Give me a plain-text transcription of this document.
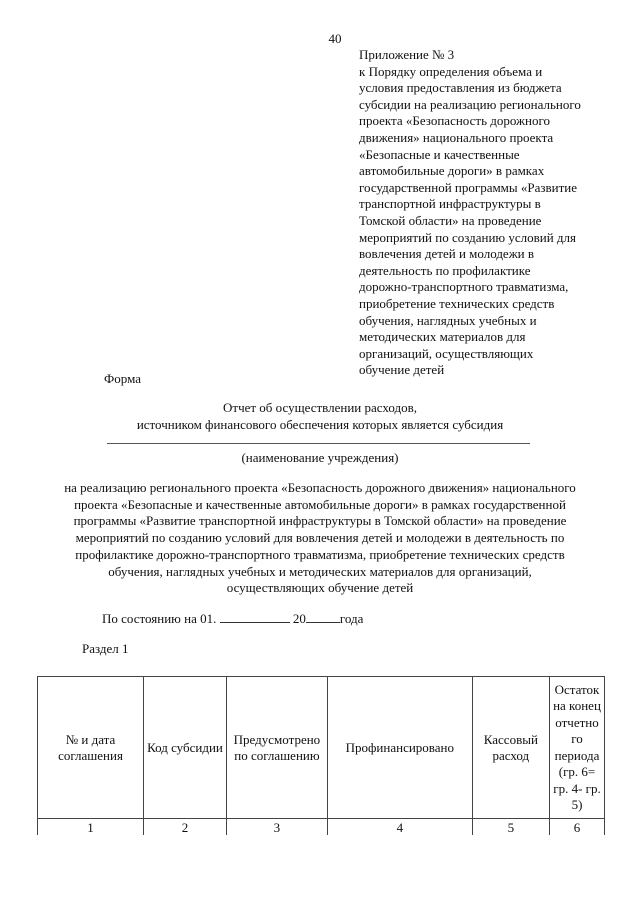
40
Приложение № 3
к Порядку определения объема и
условия предоставления из бюджета
субсидии на реализацию регионального
проекта «Безопасность дорожного
движения» национального проекта
«Безопасные и качественные
автомобильные дороги» в рамках
государственной программы «Развитие
транспортной инфраструктуры в
Томской области» на проведение
мероприятий по созданию условий для
вовлечения детей и молодежи в
деятельность по профилактике
дорожно-транспортного травматизма,
приобретение технических средств
обучения, наглядных учебных и
методических материалов для
организаций, осуществляющих
обучение детей
Форма
Отчет об осуществлении расходов,
источником финансового обеспечения которых является субсидия
(наименование учреждения)
на реализацию регионального проекта «Безопасность дорожного движения» национального
проекта «Безопасные и качественные автомобильные дороги» в рамках государственной
программы «Развитие транспортной инфраструктуры в Томской области» на проведение
мероприятий по созданию условий для вовлечения детей и молодежи в деятельность по
профилактике дорожно-транспортного травматизма, приобретение технических средств
обучения, наглядных учебных и методических материалов для организаций,
осуществляющих обучение детей
По состоянию на 01.	20	года
Раздел 1
№ и дата соглашения	Код субсидии	Предусмотрено по соглашению	Профинансировано	Кассовый расход	Остаток на конец отчетно го периода (гр. 6= гр. 4- гр. 5)
1	2	3	4	5	6
